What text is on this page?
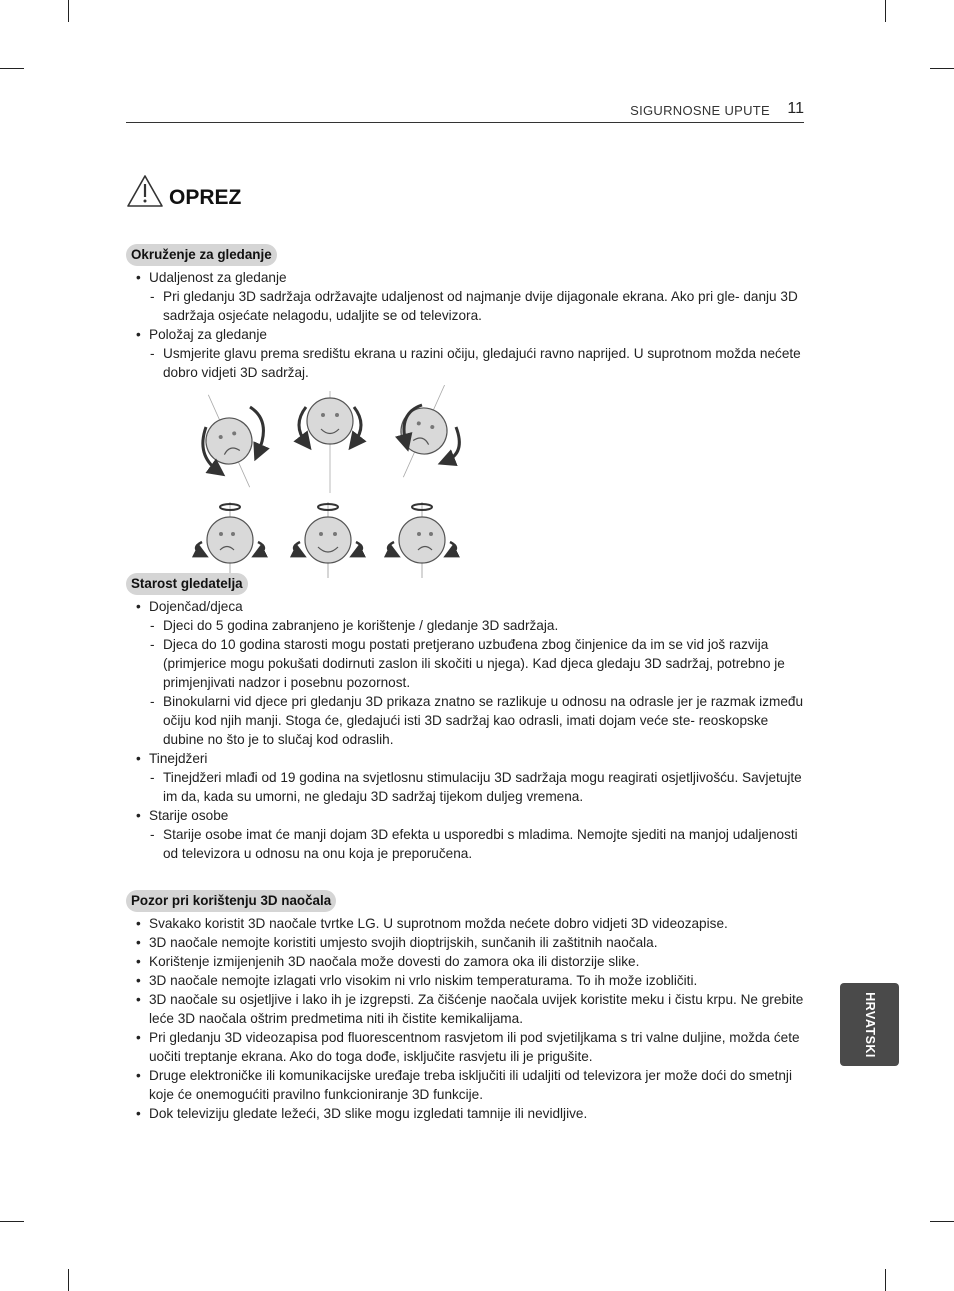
SIGURNOSNE UPUTE 11
OPREZ
Okruženje za gledanje
• Udaljenost za gledanje
- Pri gledanju 3D sadržaja održavajte udaljenost od najmanje dvije dijagonale ekrana. Ako pri gle- danju 3D sadržaja osjećate nelagodu, udaljite se od televizora.
• Položaj za gledanje
- Usmjerite glavu prema središtu ekrana u razini očiju, gledajući ravno naprijed. U suprotnom možda nećete dobro vidjeti 3D sadržaj.
Starost gledatelja
• Dojenčad/djeca
- Djeci do 5 godina zabranjeno je korištenje / gledanje 3D sadržaja.
- Djeca do 10 godina starosti mogu postati pretjerano uzbuđena zbog činjenice da im se vid još razvija (primjerice mogu pokušati dodirnuti zaslon ili skočiti u njega). Kad djeca gledaju 3D sadržaj, potrebno je primjenjivati nadzor i posebnu pozornost.
- Binokularni vid djece pri gledanju 3D prikaza znatno se razlikuje u odnosu na odrasle jer je razmak između očiju kod njih manji. Stoga će, gledajući isti 3D sadržaj kao odrasli, imati dojam veće ste- reoskopske dubine no što je to slučaj kod odraslih.
• Tinejdžeri
- Tinejdžeri mlađi od 19 godina na svjetlosnu stimulaciju 3D sadržaja mogu reagirati osjetljivošću. Savjetujte im da, kada su umorni, ne gledaju 3D sadržaj tijekom duljeg vremena.
• Starije osobe
- Starije osobe imat će manji dojam 3D efekta u usporedbi s mladima. Nemojte sjediti na manjoj udaljenosti od televizora u odnosu na onu koja je preporučena.
Pozor pri korištenju 3D naočala
• Svakako koristit 3D naočale tvrtke LG. U suprotnom možda nećete dobro vidjeti 3D videozapise.
• 3D naočale nemojte koristiti umjesto svojih dioptrijskih, sunčanih ili zaštitnih naočala.
• Korištenje izmijenjenih 3D naočala može dovesti do zamora oka ili distorzije slike.
• 3D naočale nemojte izlagati vrlo visokim ni vrlo niskim temperaturama. To ih može izobličiti.
• 3D naočale su osjetljive i lako ih je izgrepsti. Za čišćenje naočala uvijek koristite meku i čistu krpu. Ne grebite leće 3D naočala oštrim predmetima niti ih čistite kemikalijama.
• Pri gledanju 3D videozapisa pod fluorescentnom rasvjetom ili pod svjetiljkama s tri valne duljine, možda ćete uočiti treptanje ekrana. Ako do toga dođe, isključite rasvjetu ili je prigušite.
• Druge elektroničke ili komunikacijske uređaje treba isključiti ili udaljiti od televizora jer može doći do smetnji koje će onemogućiti pravilno funkcioniranje 3D funkcije.
• Dok televiziju gledate ležeći, 3D slike mogu izgledati tamnije ili nevidljive.
HRVATSKI
